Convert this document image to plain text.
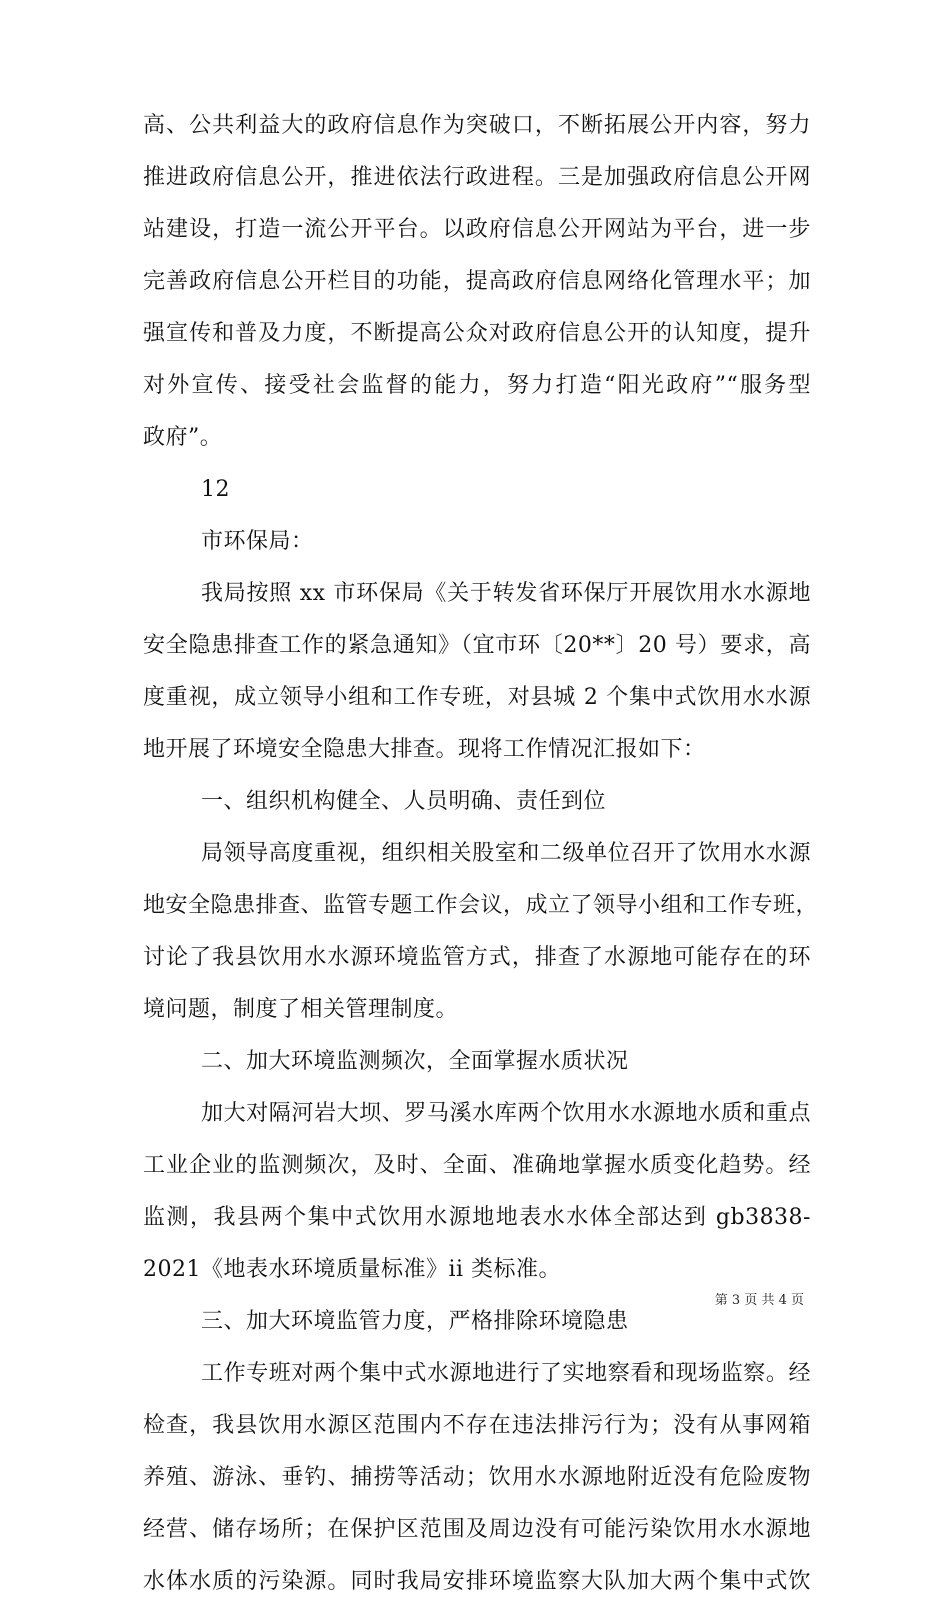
高、公共利益大的政府信息作为突破口，不断拓展公开内容，努力
推进政府信息公开，推进依法行政进程。三是加强政府信息公开网
站建设，打造一流公开平台。以政府信息公开网站为平台，进一步
完善政府信息公开栏目的功能，提高政府信息网络化管理水平；加
强宣传和普及力度，不断提高公众对政府信息公开的认知度，提升
对外宣传、接受社会监督的能力，努力打造“阳光政府”“服务型
政府”。
12
市环保局：
我局按照 xx 市环保局《关于转发省环保厅开展饮用水水源地
安全隐患排查工作的紧急通知》（宜市环〔20**〕20 号）要求，高
度重视，成立领导小组和工作专班，对县城 2 个集中式饮用水水源
地开展了环境安全隐患大排查。现将工作情况汇报如下：
一、组织机构健全、人员明确、责任到位
局领导高度重视，组织相关股室和二级单位召开了饮用水水源
地安全隐患排查、监管专题工作会议，成立了领导小组和工作专班，
讨论了我县饮用水水源环境监管方式，排查了水源地可能存在的环
境问题，制度了相关管理制度。
二、加大环境监测频次，全面掌握水质状况
加大对隔河岩大坝、罗马溪水库两个饮用水水源地水质和重点
工业企业的监测频次，及时、全面、准确地掌握水质变化趋势。经
监测，我县两个集中式饮用水源地地表水水体全部达到 gb3838-
2021《地表水环境质量标准》ii 类标准。
三、加大环境监管力度，严格排除环境隐患
工作专班对两个集中式水源地进行了实地察看和现场监察。经
检查，我县饮用水源区范围内不存在违法排污行为；没有从事网箱
养殖、游泳、垂钓、捕捞等活动；饮用水水源地附近没有危险废物
经营、储存场所；在保护区范围及周边没有可能污染饮用水水源地
水体水质的污染源。同时我局安排环境监察大队加大两个集中式饮
第 3 页 共 4 页
